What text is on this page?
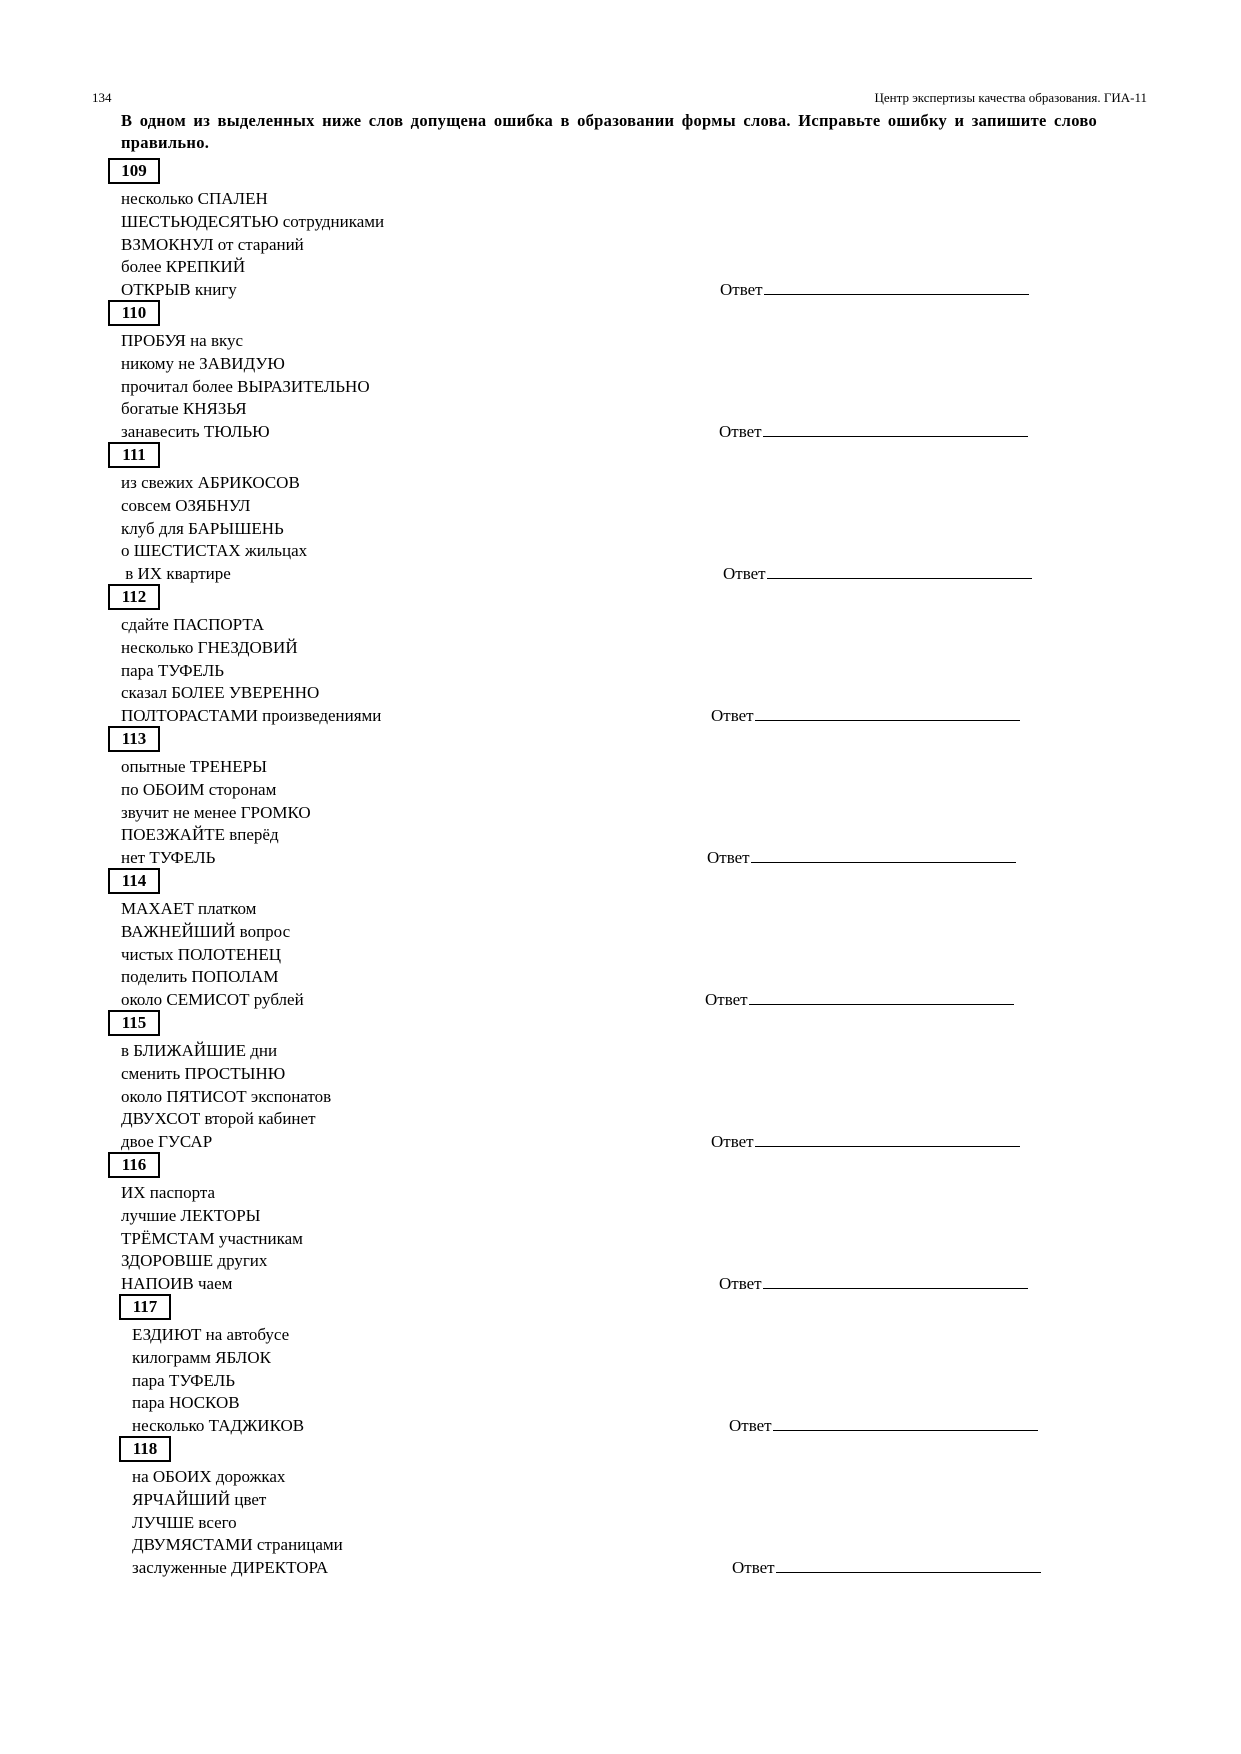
134	Центр экспертизы качества образования. ГИА-11
В одном из выделенных ниже слов допущена ошибка в образовании формы слова. Исправьте ошибку и запишите слово правильно.
109
несколько СПАЛЕН
ШЕСТЬЮДЕСЯТЬЮ сотрудниками
ВЗМОКНУЛ от стараний
более КРЕПКИЙ
ОТКРЫВ книгу	Ответ
110
ПРОБУЯ на вкус
никому не ЗАВИДУЮ
прочитал более ВЫРАЗИТЕЛЬНО
богатые КНЯЗЬЯ
занавесить ТЮЛЬЮ	Ответ
111
из свежих АБРИКОСОВ
совсем ОЗЯБНУЛ
клуб для БАРЫШЕНЬ
о ШЕСТИСТАХ жильцах
в ИХ квартире	Ответ
112
сдайте ПАСПОРТА
несколько ГНЕЗДОВИЙ
пара ТУФЕЛЬ
сказал БОЛЕЕ УВЕРЕННО
ПОЛТОРАСТАМИ произведениями	Ответ
113
опытные ТРЕНЕРЫ
по ОБОИМ сторонам
звучит не менее ГРОМКО
ПОЕЗЖАЙТЕ вперёд
нет ТУФЕЛЬ	Ответ
114
МАХАЕТ платком
ВАЖНЕЙШИЙ вопрос
чистых ПОЛОТЕНЕЦ
поделить ПОПОЛАМ
около СЕМИСОТ рублей	Ответ
115
в БЛИЖАЙШИЕ дни
сменить ПРОСТЫНЮ
около ПЯТИСОТ экспонатов
ДВУХСОТ второй кабинет
двое ГУСАР	Ответ
116
ИХ паспорта
лучшие ЛЕКТОРЫ
ТРЁМСТАМ участникам
ЗДОРОВШЕ других
НАПОИВ чаем	Ответ
117
ЕЗДИЮТ на автобусе
килограмм ЯБЛОК
пара ТУФЕЛЬ
пара НОСКОВ
несколько ТАДЖИКОВ	Ответ
118
на ОБОИХ дорожках
ЯРЧАЙШИЙ цвет
ЛУЧШЕ всего
ДВУМЯСТАМИ страницами
заслуженные ДИРЕКТОРА	Ответ
